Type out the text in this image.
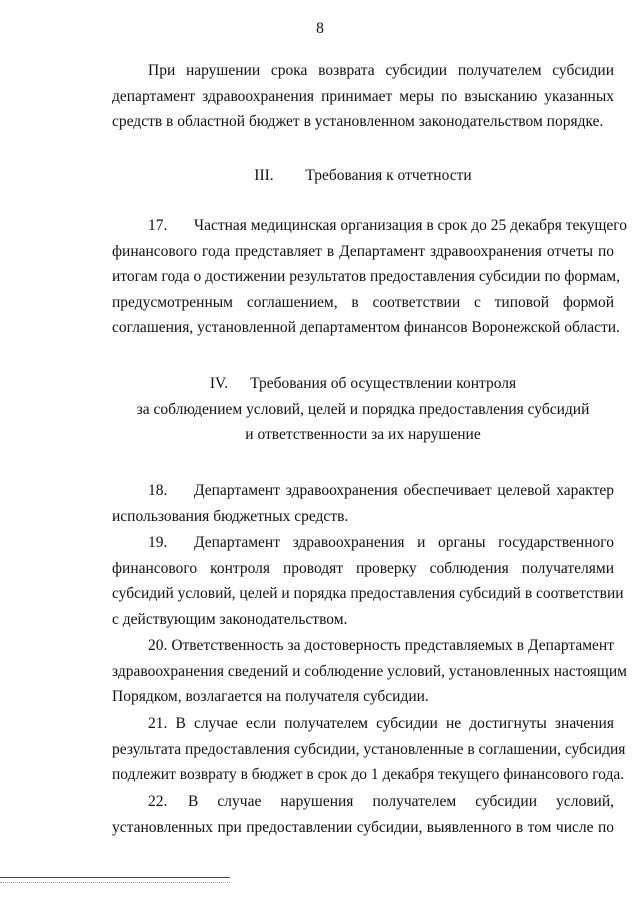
8
При нарушении срока возврата субсидии получателем субсидии
департамент здравоохранения принимает меры по взысканию указанных
средств в областной бюджет в установленном законодательством порядке.
III. Требования к отчетности
17. Частная медицинская организация в срок до 25 декабря текущего
финансового года представляет в Департамент здравоохранения отчеты по
итогам года о достижении результатов предоставления субсидии по формам,
предусмотренным соглашением, в соответствии с типовой формой
соглашения, установленной департаментом финансов Воронежской области.
IV. Требования об осуществлении контроля
за соблюдением условий, целей и порядка предоставления субсидий
и ответственности за их нарушение
18. Департамент здравоохранения обеспечивает целевой характер
использования бюджетных средств.
19. Департамент здравоохранения и органы государственного
финансового контроля проводят проверку соблюдения получателями
субсидий условий, целей и порядка предоставления субсидий в соответствии
с действующим законодательством.
20. Ответственность за достоверность представляемых в Департамент
здравоохранения сведений и соблюдение условий, установленных настоящим
Порядком, возлагается на получателя субсидии.
21. В случае если получателем субсидии не достигнуты значения
результата предоставления субсидии, установленные в соглашении, субсидия
подлежит возврату в бюджет в срок до 1 декабря текущего финансового года.
22. В случае нарушения получателем субсидии условий,
установленных при предоставлении субсидии, выявленного в том числе по
